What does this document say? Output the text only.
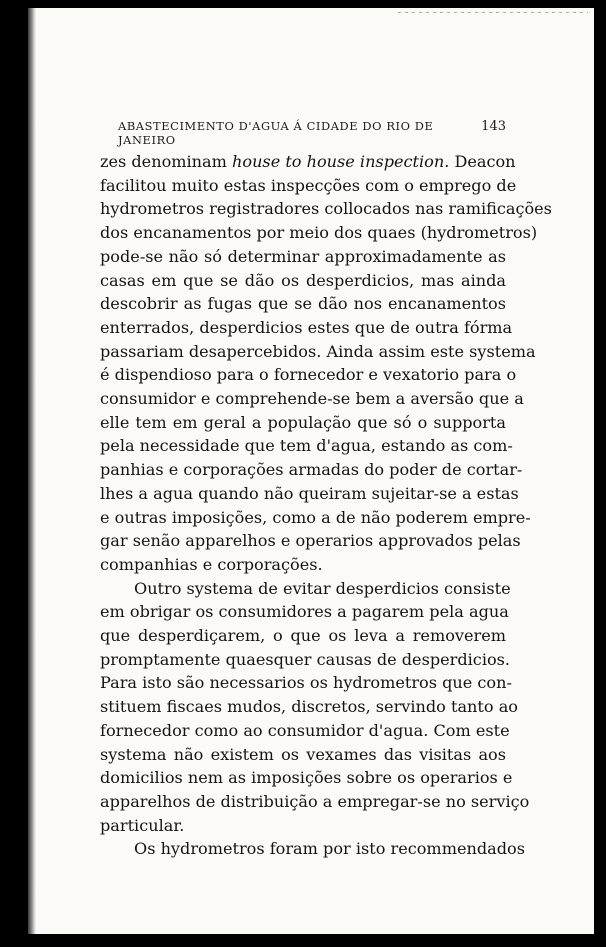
ABASTECIMENTO D'AGUA Á CIDADE DO RIO DE JANEIRO
143
zes denominam house to house inspection. Deacon
facilitou muito estas inspecções com o emprego de
hydrometros registradores collocados nas ramificações
dos encanamentos por meio dos quaes (hydrometros)
pode-se não só determinar approximadamente as
casas em que se dão os desperdicios, mas ainda
descobrir as fugas que se dão nos encanamentos
enterrados, desperdicios estes que de outra fórma
passariam desapercebidos. Ainda assim este systema
é dispendioso para o fornecedor e vexatorio para o
consumidor e comprehende-se bem a aversão que a
elle tem em geral a população que só o supporta
pela necessidade que tem d'agua, estando as com-
panhias e corporações armadas do poder de cortar-
lhes a agua quando não queiram sujeitar-se a estas
e outras imposições, como a de não poderem empre-
gar senão apparelhos e operarios approvados pelas
companhias e corporações.
Outro systema de evitar desperdicios consiste
em obrigar os consumidores a pagarem pela agua
que desperdiçarem, o que os leva a removerem
promptamente quaesquer causas de desperdicios.
Para isto são necessarios os hydrometros que con-
stituem fiscaes mudos, discretos, servindo tanto ao
fornecedor como ao consumidor d'agua. Com este
systema não existem os vexames das visitas aos
domicilios nem as imposições sobre os operarios e
apparelhos de distribuição a empregar-se no serviço
particular.
Os hydrometros foram por isto recommendados
